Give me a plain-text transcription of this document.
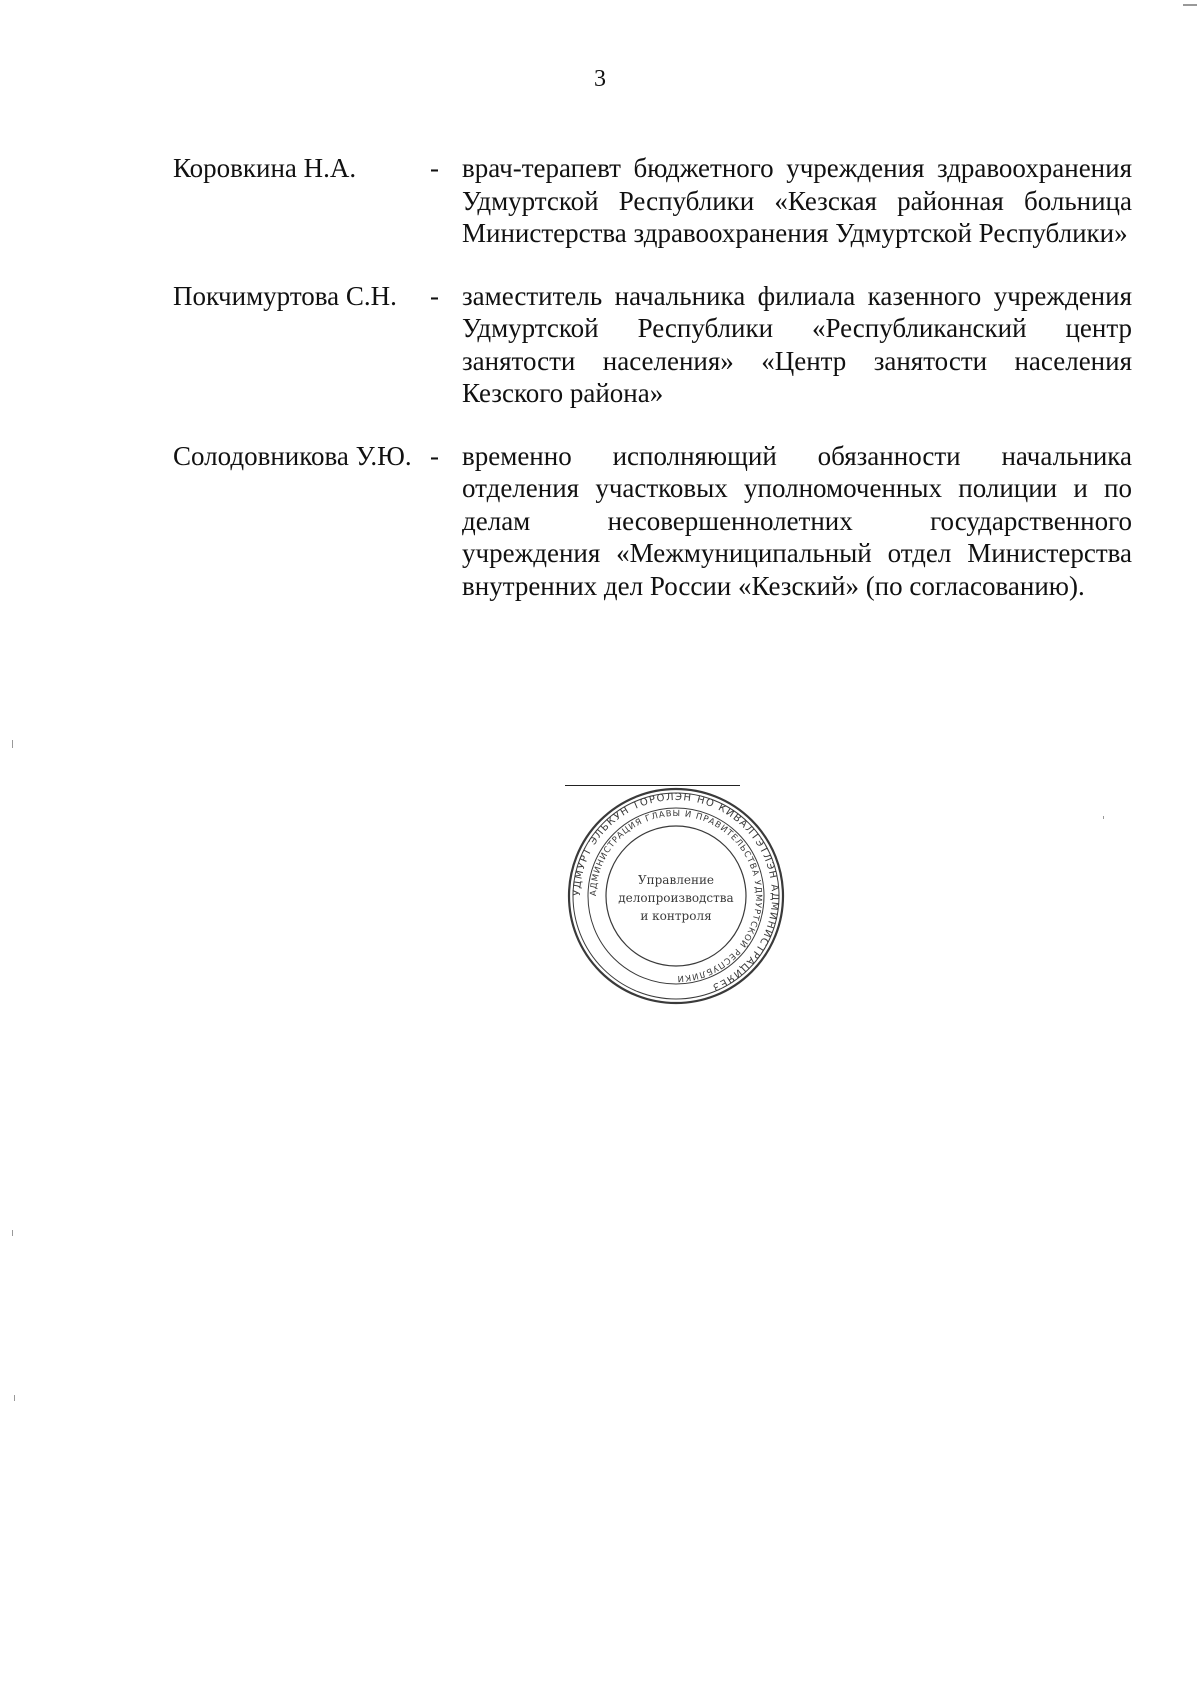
3
Коровкина Н.А.	- врач-терапевт бюджетного учреждения здравоохранения Удмуртской Республики «Кезская районная больница Министерства здравоохранения Удмуртской Республики»
Покчимуртова С.Н.	- заместитель начальника филиала казенного учреждения Удмуртской Республики «Республиканский центр занятости населения» «Центр занятости населения Кезского района»
Солодовникова У.Ю. - временно исполняющий обязанности начальника отделения участковых уполномоченных полиции и по делам несовершеннолетних государственного учреждения «Межмуниципальный отдел Министерства внутренних дел России «Кезский» (по согласованию).
УДМУРТ ЭЛЬКУН ТОРОЛЭН НО КИВАЛТЭТЛЭН АДМИНИСТРАЦИЯЕЗ
АДМИНИСТРАЦИЯ ГЛАВЫ И ПРАВИТЕЛЬСТВА УДМУРТСКОЙ РЕСПУБЛИКИ
Управление
делопроизводства
и контроля
